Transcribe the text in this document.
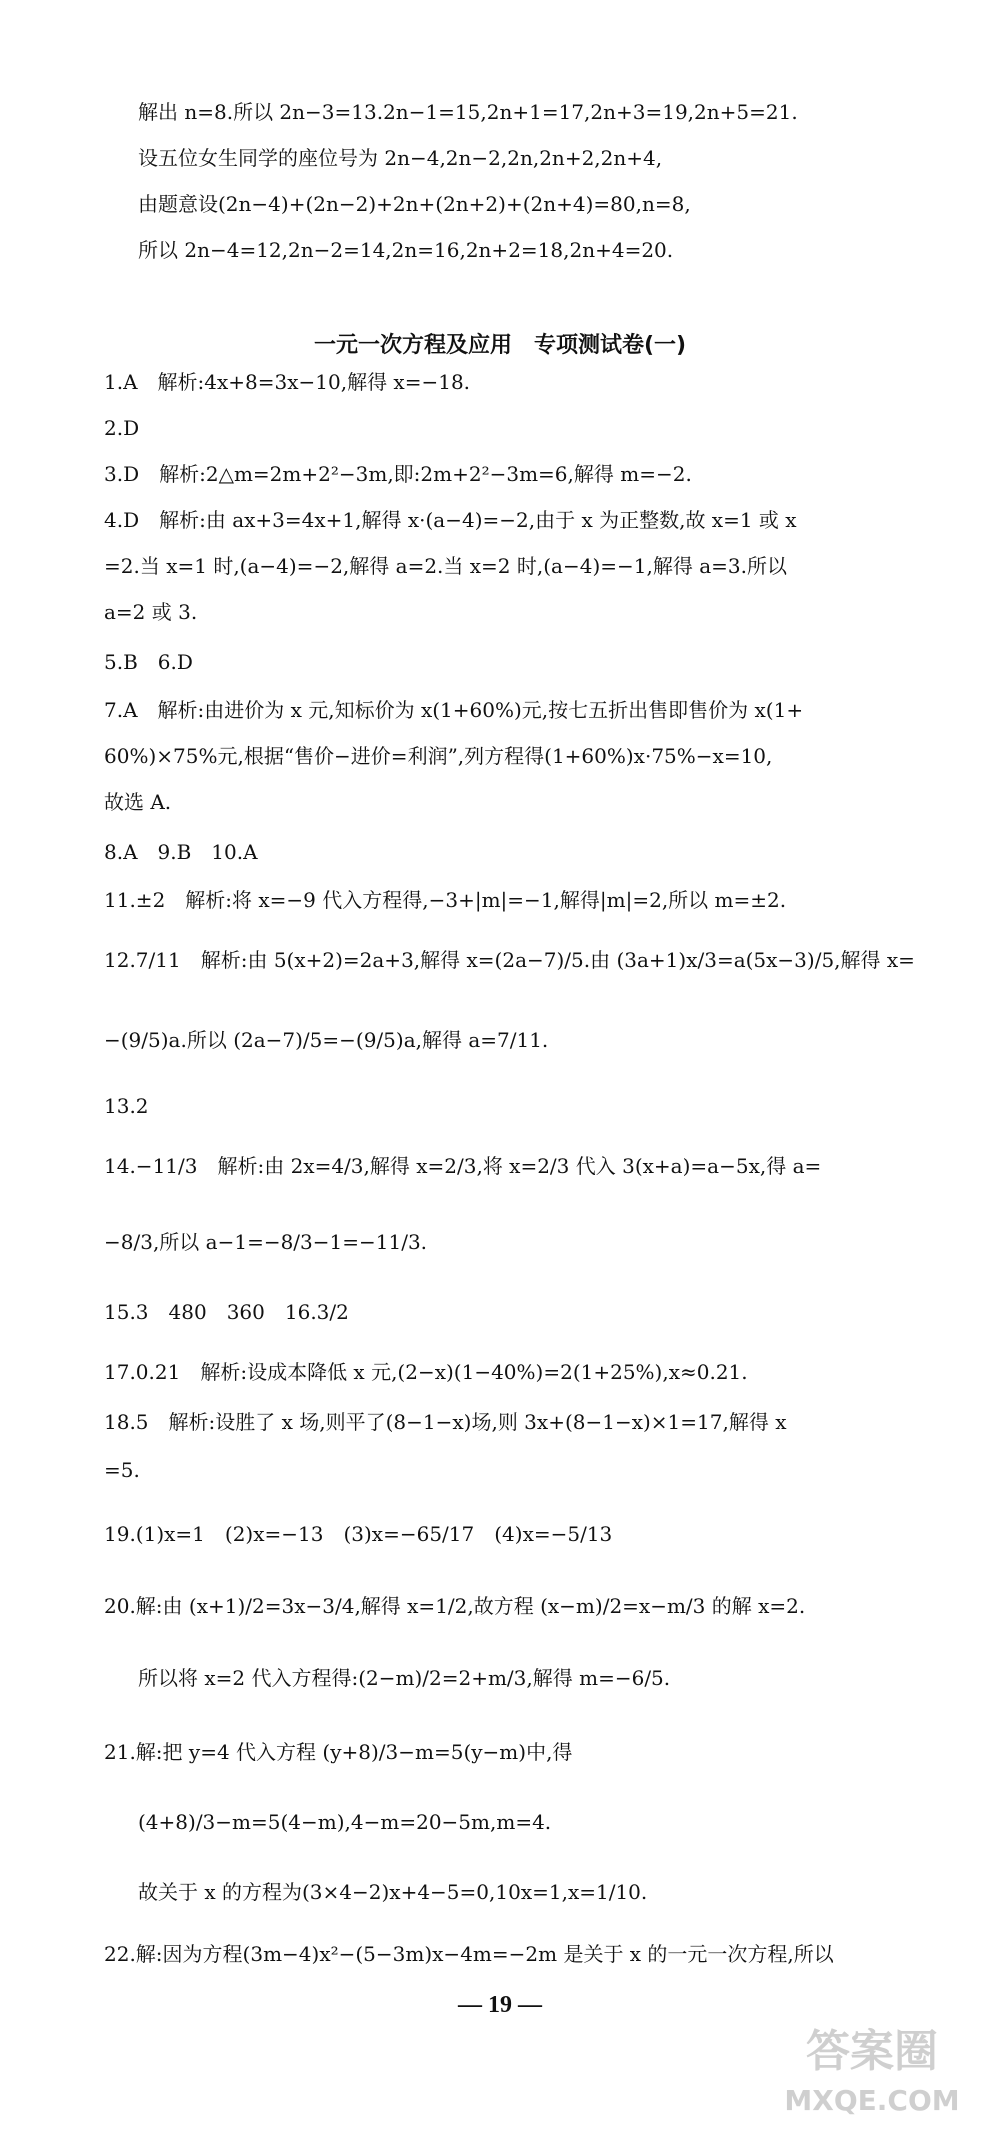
解出 n=8.所以 2n−3=13.2n−1=15,2n+1=17,2n+3=19,2n+5=21.
设五位女生同学的座位号为 2n−4,2n−2,2n,2n+2,2n+4,
由题意设(2n−4)+(2n−2)+2n+(2n+2)+(2n+4)=80,n=8,
所以 2n−4=12,2n−2=14,2n=16,2n+2=18,2n+4=20.
一元一次方程及应用　专项测试卷(一)
1.A　解析:4x+8=3x−10,解得 x=−18.
2.D
3.D　解析:2△m=2m+2²−3m,即:2m+2²−3m=6,解得 m=−2.
4.D　解析:由 ax+3=4x+1,解得 x·(a−4)=−2,由于 x 为正整数,故 x=1 或 x
=2.当 x=1 时,(a−4)=−2,解得 a=2.当 x=2 时,(a−4)=−1,解得 a=3.所以
a=2 或 3.
5.B　6.D
7.A　解析:由进价为 x 元,知标价为 x(1+60%)元,按七五折出售即售价为 x(1+
60%)×75%元,根据“售价−进价=利润”,列方程得(1+60%)x·75%−x=10,
故选 A.
8.A　9.B　10.A
11.±2　解析:将 x=−9 代入方程得,−3+|m|=−1,解得|m|=2,所以 m=±2.
12.7/11　解析:由 5(x+2)=2a+3,解得 x=(2a−7)/5.由 (3a+1)x/3=a(5x−3)/5,解得 x=
−(9/5)a.所以 (2a−7)/5=−(9/5)a,解得 a=7/11.
13.2
14.−11/3　解析:由 2x=4/3,解得 x=2/3,将 x=2/3 代入 3(x+a)=a−5x,得 a=
−8/3,所以 a−1=−8/3−1=−11/3.
15.3　480　360　16.3/2
17.0.21　解析:设成本降低 x 元,(2−x)(1−40%)=2(1+25%),x≈0.21.
18.5　解析:设胜了 x 场,则平了(8−1−x)场,则 3x+(8−1−x)×1=17,解得 x
=5.
19.(1)x=1　(2)x=−13　(3)x=−65/17　(4)x=−5/13
20.解:由 (x+1)/2=3x−3/4,解得 x=1/2,故方程 (x−m)/2=x−m/3 的解 x=2.
所以将 x=2 代入方程得:(2−m)/2=2+m/3,解得 m=−6/5.
21.解:把 y=4 代入方程 (y+8)/3−m=5(y−m)中,得
(4+8)/3−m=5(4−m),4−m=20−5m,m=4.
故关于 x 的方程为(3×4−2)x+4−5=0,10x=1,x=1/10.
22.解:因为方程(3m−4)x²−(5−3m)x−4m=−2m 是关于 x 的一元一次方程,所以
— 19 —
答案圈
MXQE.COM
